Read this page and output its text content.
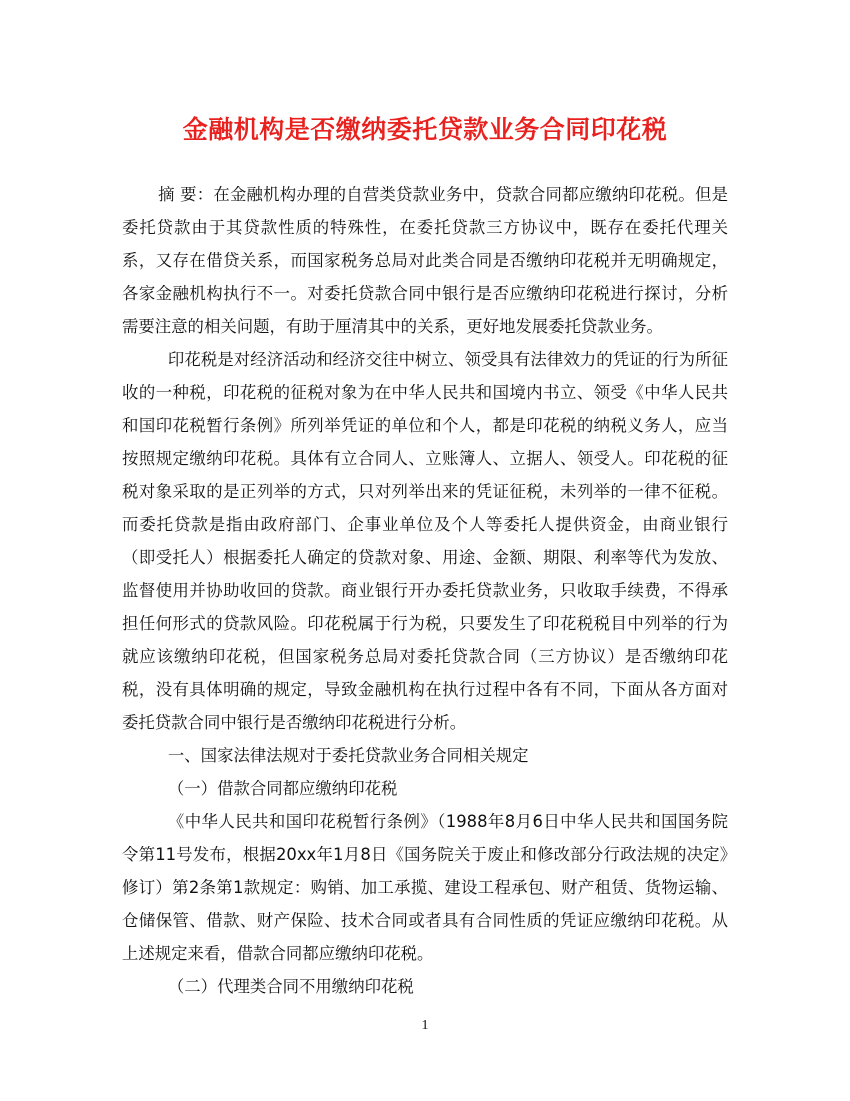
金融机构是否缴纳委托贷款业务合同印花税

摘 要：在金融机构办理的自营类贷款业务中，贷款合同都应缴纳印花税。但是委托贷款由于其贷款性质的特殊性，在委托贷款三方协议中，既存在委托代理关系，又存在借贷关系，而国家税务总局对此类合同是否缴纳印花税并无明确规定，各家金融机构执行不一。对委托贷款合同中银行是否应缴纳印花税进行探讨，分析需要注意的相关问题，有助于厘清其中的关系，更好地发展委托贷款业务。

印花税是对经济活动和经济交往中树立、领受具有法律效力的凭证的行为所征收的一种税，印花税的征税对象为在中华人民共和国境内书立、领受《中华人民共和国印花税暂行条例》所列举凭证的单位和个人，都是印花税的纳税义务人，应当按照规定缴纳印花税。具体有立合同人、立账簿人、立据人、领受人。印花税的征税对象采取的是正列举的方式，只对列举出来的凭证征税，未列举的一律不征税。而委托贷款是指由政府部门、企事业单位及个人等委托人提供资金，由商业银行（即受托人）根据委托人确定的贷款对象、用途、金额、期限、利率等代为发放、监督使用并协助收回的贷款。商业银行开办委托贷款业务，只收取手续费，不得承担任何形式的贷款风险。印花税属于行为税，只要发生了印花税税目中列举的行为就应该缴纳印花税，但国家税务总局对委托贷款合同（三方协议）是否缴纳印花税，没有具体明确的规定，导致金融机构在执行过程中各有不同，下面从各方面对委托贷款合同中银行是否缴纳印花税进行分析。

一、国家法律法规对于委托贷款业务合同相关规定

（一）借款合同都应缴纳印花税

《中华人民共和国印花税暂行条例》（1988年8月6日中华人民共和国国务院令第11号发布，根据20xx年1月8日《国务院关于废止和修改部分行政法规的决定》修订）第2条第1款规定：购销、加工承揽、建设工程承包、财产租赁、货物运输、仓储保管、借款、财产保险、技术合同或者具有合同性质的凭证应缴纳印花税。从上述规定来看，借款合同都应缴纳印花税。

（二）代理类合同不用缴纳印花税

1
